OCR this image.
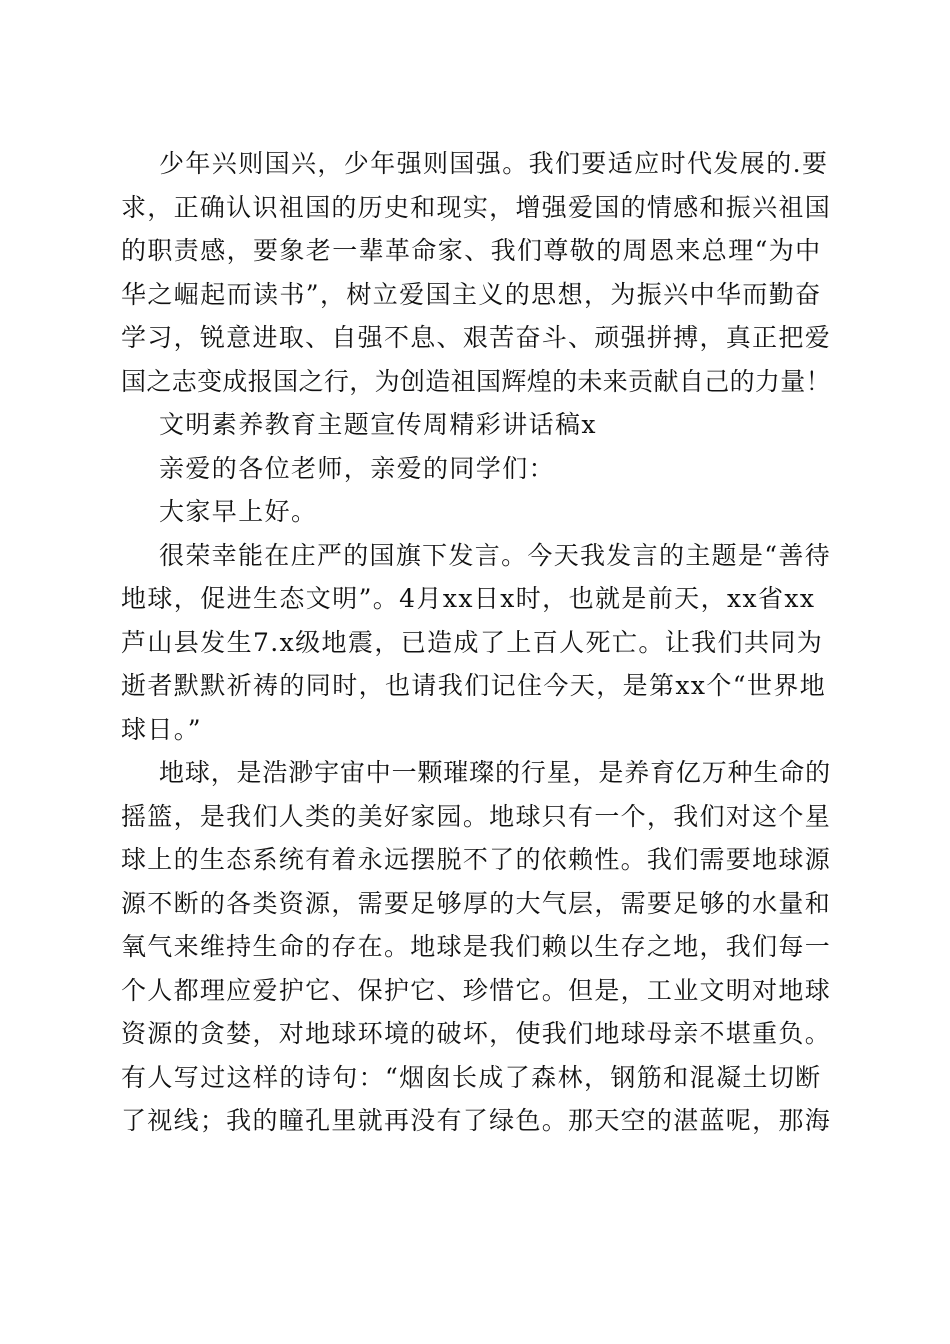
少年兴则国兴，少年强则国强。我们要适应时代发展的.要
求，正确认识祖国的历史和现实，增强爱国的情感和振兴祖国
的职责感，要象老一辈革命家、我们尊敬的周恩来总理“为中
华之崛起而读书”，树立爱国主义的思想，为振兴中华而勤奋
学习，锐意进取、自强不息、艰苦奋斗、顽强拼搏，真正把爱
国之志变成报国之行，为创造祖国辉煌的未来贡献自己的力量！
文明素养教育主题宣传周精彩讲话稿x
亲爱的各位老师，亲爱的同学们：
大家早上好。
很荣幸能在庄严的国旗下发言。今天我发言的主题是“善待
地球，促进生态文明”。4月xx日x时，也就是前天，xx省xx
芦山县发生7.x级地震，已造成了上百人死亡。让我们共同为
逝者默默祈祷的同时，也请我们记住今天，是第xx个“世界地
球日。”
地球，是浩渺宇宙中一颗璀璨的行星，是养育亿万种生命的
摇篮，是我们人类的美好家园。地球只有一个，我们对这个星
球上的生态系统有着永远摆脱不了的依赖性。我们需要地球源
源不断的各类资源，需要足够厚的大气层，需要足够的水量和
氧气来维持生命的存在。地球是我们赖以生存之地，我们每一
个人都理应爱护它、保护它、珍惜它。但是，工业文明对地球
资源的贪婪，对地球环境的破坏，使我们地球母亲不堪重负。
有人写过这样的诗句：“烟囱长成了森林，钢筋和混凝土切断
了视线；我的瞳孔里就再没有了绿色。那天空的湛蓝呢，那海
